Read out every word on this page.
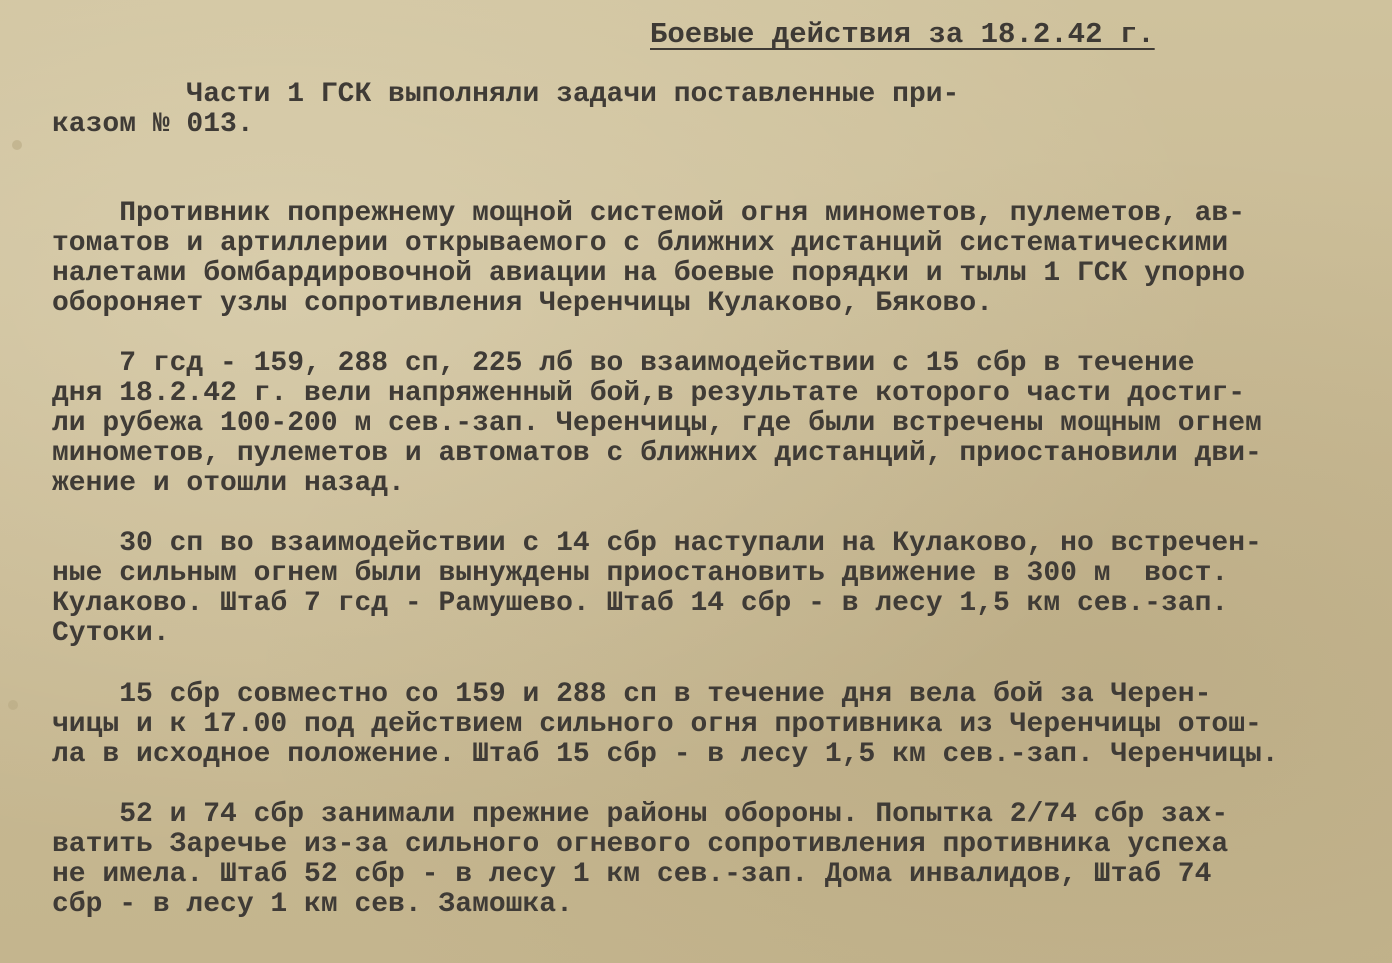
Боевые действия за 18.2.42 г.
Части 1 ГСК выполняли задачи поставленные при-
казом № 013.
Противник попрежнему мощной системой огня минометов, пулеметов, ав-
томатов и артиллерии открываемого с ближних дистанций систематическими
налетами бомбардировочной авиации на боевые порядки и тылы 1 ГСК упорно
обороняет узлы сопротивления Черенчицы Кулаково, Бяково.
7 гсд - 159, 288 сп, 225 лб во взаимодействии с 15 сбр в течение
дня 18.2.42 г. вели напряженный бой,в результате которого части достиг-
ли рубежа 100-200 м сев.-зап. Черенчицы, где были встречены мощным огнем
минометов, пулеметов и автоматов с ближних дистанций, приостановили дви-
жение и отошли назад.
30 сп во взаимодействии с 14 сбр наступали на Кулаково, но встречен-
ные сильным огнем были вынуждены приостановить движение в 300 м  вост.
Кулаково. Штаб 7 гсд - Рамушево. Штаб 14 сбр - в лесу 1,5 км сев.-зап.
Сутоки.
15 сбр совместно со 159 и 288 сп в течение дня вела бой за Черен-
чицы и к 17.00 под действием сильного огня противника из Черенчицы отош-
ла в исходное положение. Штаб 15 сбр - в лесу 1,5 км сев.-зап. Черенчицы.
52 и 74 сбр занимали прежние районы обороны. Попытка 2/74 сбр зах-
ватить Заречье из-за сильного огневого сопротивления противника успеха
не имела. Штаб 52 сбр - в лесу 1 км сев.-зап. Дома инвалидов, Штаб 74
сбр - в лесу 1 км сев. Замошка.
